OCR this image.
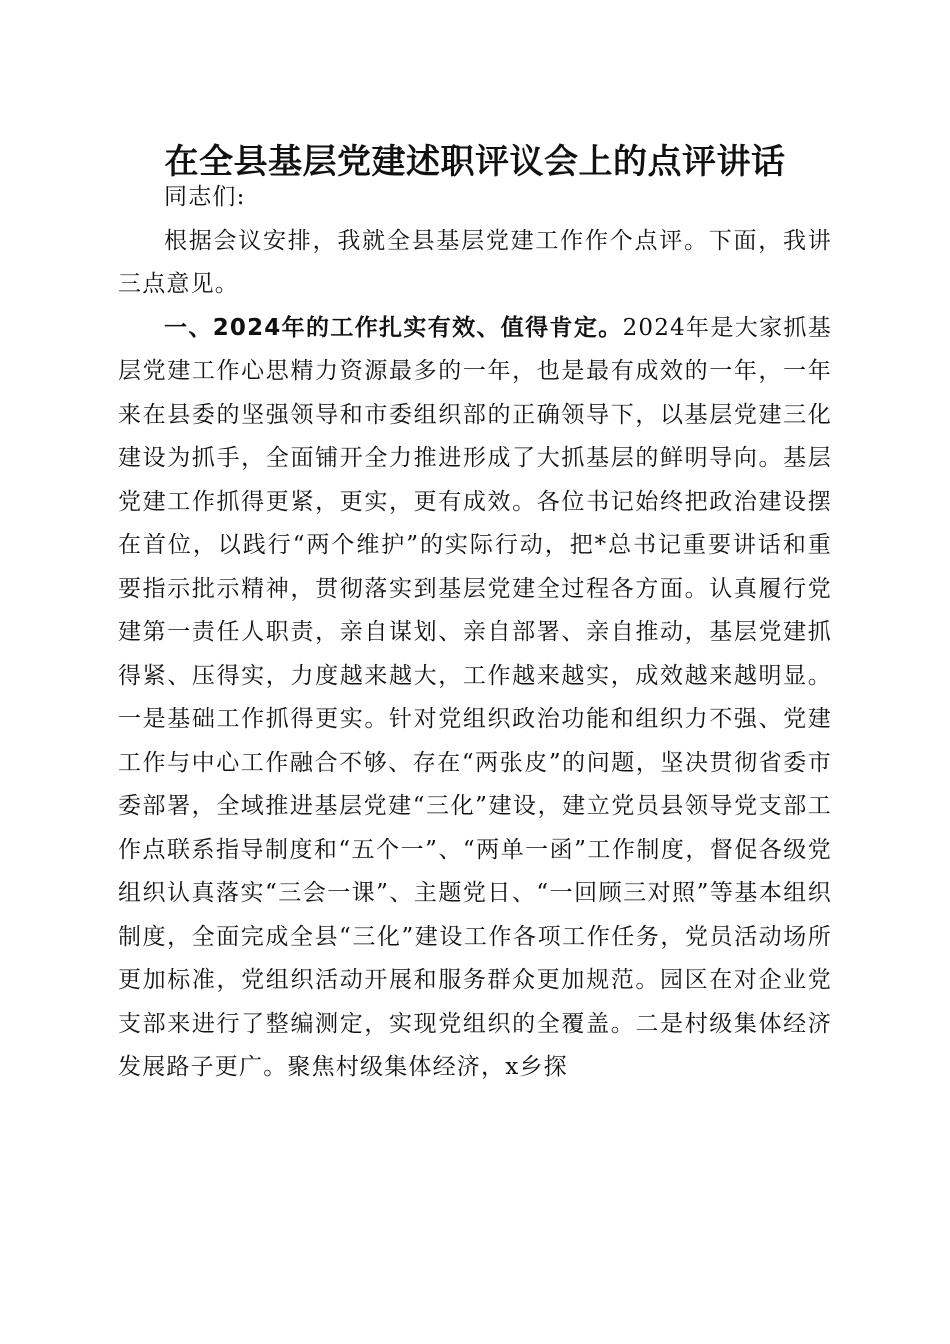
在全县基层党建述职评议会上的点评讲话

同志们:

根据会议安排，我就全县基层党建工作作个点评。下面，我讲三点意见。

一、2024年的工作扎实有效、值得肯定。2024年是大家抓基层党建工作心思精力资源最多的一年，也是最有成效的一年，一年来在县委的坚强领导和市委组织部的正确领导下，以基层党建三化建设为抓手，全面铺开全力推进形成了大抓基层的鲜明导向。基层党建工作抓得更紧，更实，更有成效。各位书记始终把政治建设摆在首位，以践行“两个维护”的实际行动，把*总书记重要讲话和重要指示批示精神，贯彻落实到基层党建全过程各方面。认真履行党建第一责任人职责，亲自谋划、亲自部署、亲自推动，基层党建抓得紧、压得实，力度越来越大，工作越来越实，成效越来越明显。一是基础工作抓得更实。针对党组织政治功能和组织力不强、党建工作与中心工作融合不够、存在“两张皮”的问题，坚决贯彻省委市委部署，全域推进基层党建“三化”建设，建立党员县领导党支部工作点联系指导制度和“五个一”、“两单一函”工作制度，督促各级党组织认真落实“三会一课”、主题党日、“一回顾三对照”等基本组织制度，全面完成全县“三化”建设工作各项工作任务，党员活动场所更加标准，党组织活动开展和服务群众更加规范。园区在对企业党支部来进行了整编测定，实现党组织的全覆盖。二是村级集体经济发展路子更广。聚焦村级集体经济，x乡探
